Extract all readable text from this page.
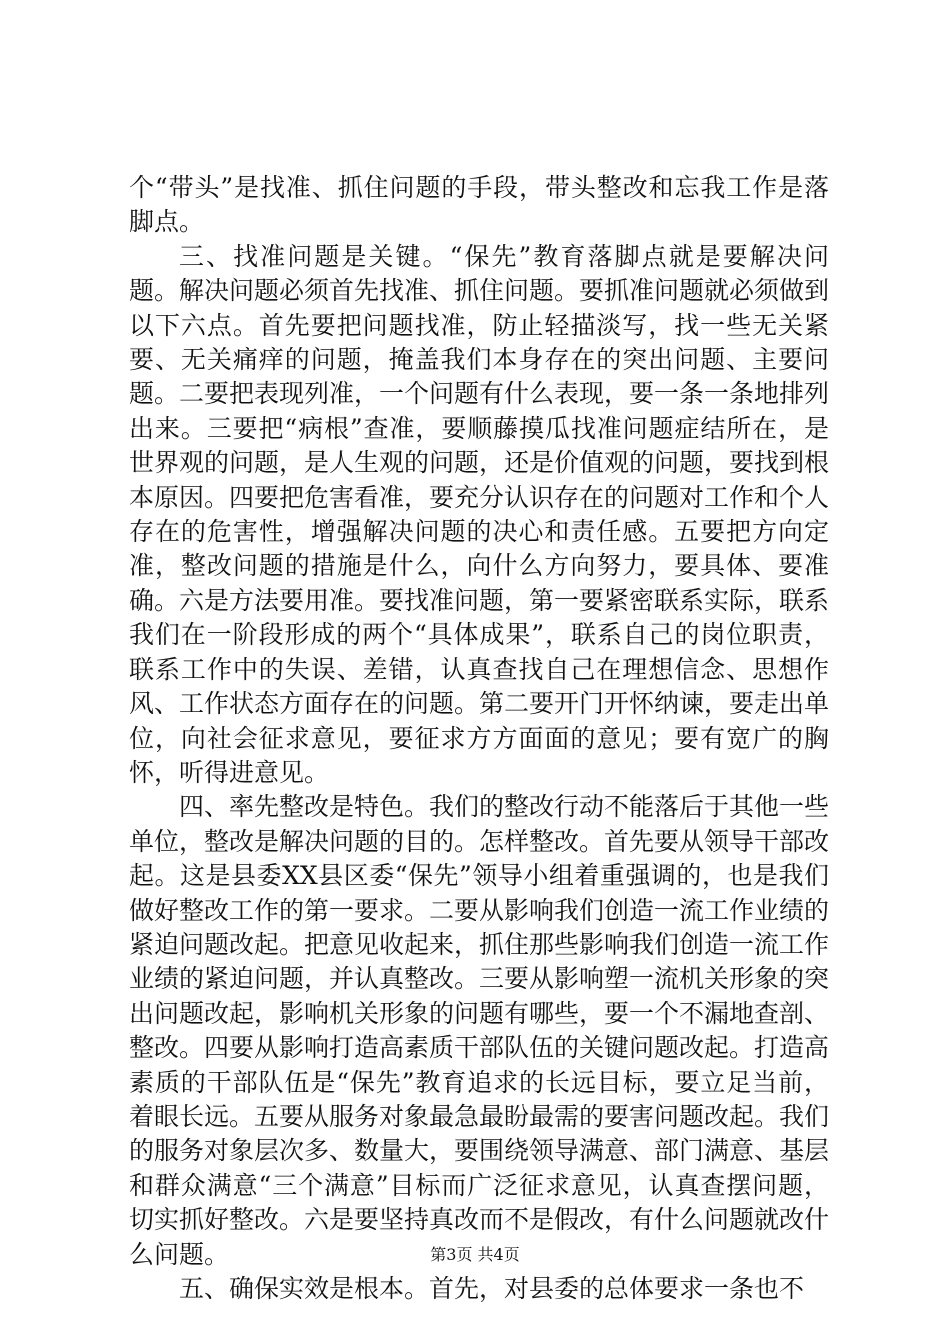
个“带头”是找准、抓住问题的手段，带头整改和忘我工作是落脚点。

三、找准问题是关键。“保先”教育落脚点就是要解决问题。解决问题必须首先找准、抓住问题。要抓准问题就必须做到以下六点。首先要把问题找准，防止轻描淡写，找一些无关紧要、无关痛痒的问题，掩盖我们本身存在的突出问题、主要问题。二要把表现列准，一个问题有什么表现，要一条一条地排列出来。三要把“病根”查准，要顺藤摸瓜找准问题症结所在，是世界观的问题，是人生观的问题，还是价值观的问题，要找到根本原因。四要把危害看准，要充分认识存在的问题对工作和个人存在的危害性，增强解决问题的决心和责任感。五要把方向定准，整改问题的措施是什么，向什么方向努力，要具体、要准确。六是方法要用准。要找准问题，第一要紧密联系实际，联系我们在一阶段形成的两个“具体成果”，联系自己的岗位职责，联系工作中的失误、差错，认真查找自己在理想信念、思想作风、工作状态方面存在的问题。第二要开门开怀纳谏，要走出单位，向社会征求意见，要征求方方面面的意见；要有宽广的胸怀，听得进意见。

四、率先整改是特色。我们的整改行动不能落后于其他一些单位，整改是解决问题的目的。怎样整改。首先要从领导干部改起。这是县委XX县区委“保先”领导小组着重强调的，也是我们做好整改工作的第一要求。二要从影响我们创造一流工作业绩的紧迫问题改起。把意见收起来，抓住那些影响我们创造一流工作业绩的紧迫问题，并认真整改。三要从影响塑一流机关形象的突出问题改起，影响机关形象的问题有哪些，要一个不漏地查剖、整改。四要从影响打造高素质干部队伍的关键问题改起。打造高素质的干部队伍是“保先”教育追求的长远目标，要立足当前，着眼长远。五要从服务对象最急最盼最需的要害问题改起。我们的服务对象层次多、数量大，要围绕领导满意、部门满意、基层和群众满意“三个满意”目标而广泛征求意见，认真查摆问题，切实抓好整改。六是要坚持真改而不是假改，有什么问题就改什么问题。

五、确保实效是根本。首先，对县委的总体要求一条也不

第3页 共4页
